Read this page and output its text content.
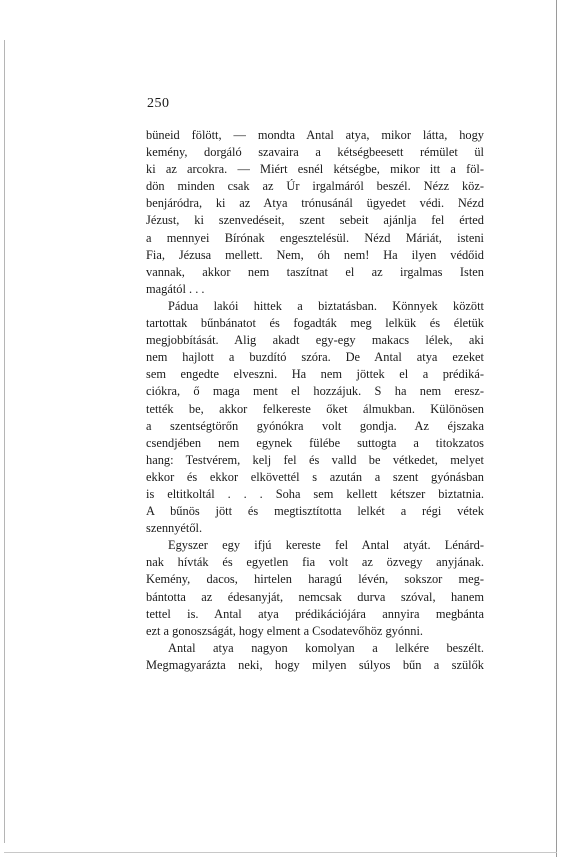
250
büneid fölött, — mondta Antal atya, mikor látta, hogy
kemény, dorgáló szavaira a kétségbeesett rémület ül
ki az arcokra. — Miért esnél kétségbe, mikor itt a föl-
dön minden csak az Úr irgalmáról beszél. Nézz köz-
benjáródra, ki az Atya trónusánál ügyedet védi. Nézd
Jézust, ki szenvedéseit, szent sebeit ajánlja fel érted
a mennyei Bírónak engesztelésül. Nézd Máriát, isteni
Fia, Jézusa mellett. Nem, óh nem! Ha ilyen védőid
vannak, akkor nem taszítnat el az irgalmas Isten
magától . . .
Pádua lakói hittek a biztatásban. Könnyek között
tartottak bűnbánatot és fogadták meg lelkük és életük
megjobbítását. Alig akadt egy-egy makacs lélek, aki
nem hajlott a buzdító szóra. De Antal atya ezeket
sem engedte elveszni. Ha nem jöttek el a prédiká-
ciókra, ő maga ment el hozzájuk. S ha nem eresz-
tették be, akkor felkereste őket álmukban. Különösen
a szentségtörőn gyónókra volt gondja. Az éjszaka
csendjében nem egynek fülébe suttogta a titokzatos
hang: Testvérem, kelj fel és valld be vétkedet, melyet
ekkor és ekkor elkövettél s azután a szent gyónásban
is eltitkoltál . . . Soha sem kellett kétszer biztatnia.
A bűnös jött és megtisztította lelkét a régi vétek
szennyétől.
Egyszer egy ifjú kereste fel Antal atyát. Lénárd-
nak hívták és egyetlen fia volt az özvegy anyjának.
Kemény, dacos, hirtelen haragú lévén, sokszor meg-
bántotta az édesanyját, nemcsak durva szóval, hanem
tettel is. Antal atya prédikációjára annyira megbánta
ezt a gonoszságát, hogy elment a Csodatevőhöz gyónni.
Antal atya nagyon komolyan a lelkére beszélt.
Megmagyarázta neki, hogy milyen súlyos bűn a szülők
